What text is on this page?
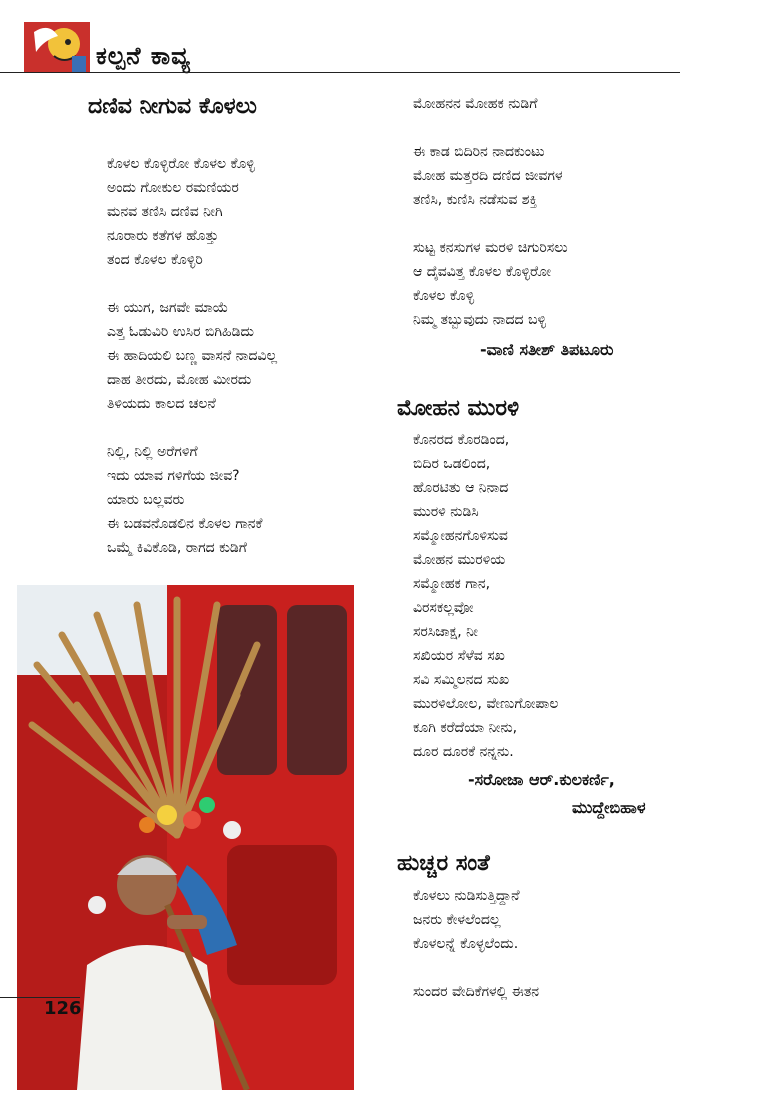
ಕಲ್ಪನೆ ಕಾವ್ಯ
ದಣಿವ ನೀಗುವ ಕೊಳಲು
ಕೊಳಲ ಕೊಳ್ಳಿರೋ ಕೊಳಲ ಕೊಳ್ಳಿ
ಅಂದು ಗೋಕುಲ ರಮಣಿಯರ
ಮನವ ತಣಿಸಿ ದಣಿವ ನೀಗಿ
ನೂರಾರು ಕತೆಗಳ ಹೊತ್ತು
ತಂದ ಕೊಳಲ ಕೊಳ್ಳಿರಿ
ಈ ಯುಗ, ಜಗವೇ ಮಾಯೆ
ಎತ್ತ ಓಡುವಿರಿ ಉಸಿರ ಬಿಗಿಹಿಡಿದು
ಈ ಹಾದಿಯಲಿ ಬಣ್ಣ ವಾಸನೆ ನಾದವಿಲ್ಲ
ದಾಹ ತೀರದು, ಮೋಹ ಮೀರದು
ತಿಳಿಯದು ಕಾಲದ ಚಲನೆ
ನಿಲ್ಲಿ, ನಿಲ್ಲಿ ಅರೆಗಳಿಗೆ
ಇದು ಯಾವ ಗಳಿಗೆಯ ಜೀವ?
ಯಾರು ಬಲ್ಲವರು
ಈ ಬಡವನೊಡಲಿನ ಕೊಳಲ ಗಾನಕೆ
ಒಮ್ಮೆ ಕಿವಿಕೊಡಿ, ರಾಗದ ಕುಡಿಗೆ
ಮೋಹನನ ಮೋಹಕ ನುಡಿಗೆ
ಈ ಕಾಡ ಬಿದಿರಿನ ನಾದಕುಂಟು
ಮೋಹ ಮತ್ತರದಿ ದಣಿದ ಜೀವಗಳ
ತಣಿಸಿ, ಕುಣಿಸಿ ನಡೆಸುವ ಶಕ್ತಿ
ಸುಟ್ಟ ಕನಸುಗಳ ಮರಳಿ ಚಿಗುರಿಸಲು
ಆ ದೈವವಿತ್ತ ಕೊಳಲ ಕೊಳ್ಳಿರೋ
ಕೊಳಲ ಕೊಳ್ಳಿ
ನಿಮ್ಮ ತಬ್ಬುವುದು ನಾದದ ಬಳ್ಳಿ
-ವಾಣಿ ಸತೀಶ್ ತಿಪಟೂರು
ಮೋಹನ ಮುರಳಿ
ಕೊನರದ ಕೊರಡಿಂದ,
ಬಿದಿರ ಒಡಲಿಂದ,
ಹೊರಟಿತು ಆ ನಿನಾದ
ಮುರಳಿ ನುಡಿಸಿ
ಸಮ್ಮೋಹನಗೊಳಿಸುವ
ಮೋಹನ ಮುರಳಿಯ
ಸಮ್ಮೋಹಕ ಗಾನ,
ವಿರಸಕಲ್ಲವೋ
ಸರಸಿಜಾಕ್ಷ, ನೀ
ಸಖಿಯರ ಸೆಳೆವ ಸಖ
ಸವಿ ಸಮ್ಮಿಲನದ ಸುಖ
ಮುರಳಿಲೋಲ, ವೇಣುಗೋಪಾಲ
ಕೂಗಿ ಕರೆದೆಯಾ ನೀನು,
ದೂರ ದೂರಕೆ ನನ್ನನು.
-ಸರೋಜಾ ಆರ್.ಕುಲಕರ್ಣಿ,
ಮುದ್ದೇಬಿಹಾಳ
ಹುಚ್ಚರ ಸಂತೆ
ಕೊಳಲು ನುಡಿಸುತ್ತಿದ್ದಾನೆ
ಜನರು ಕೇಳಲೆಂದಲ್ಲ
ಕೊಳಲನ್ನೆ ಕೊಳ್ಳಲೆಂದು.
ಸುಂದರ ವೇದಿಕೆಗಳಲ್ಲಿ ಈತನ
126
